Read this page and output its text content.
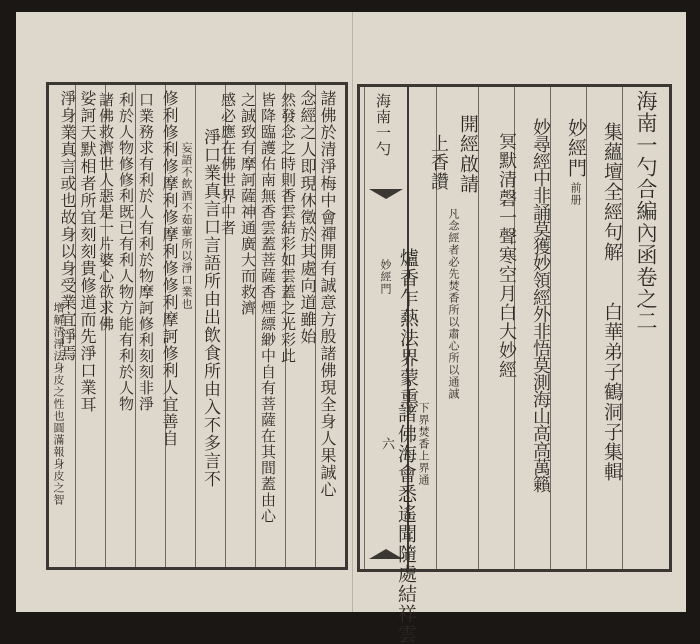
海南一勺
妙經門
六
海南一勺合編內函卷之二
集蘊壇全經句解
白華弟子鶴洞子集輯
妙經門
前册
妙尋經中非誦莫獲妙領經外非悟莫測海山高高萬籟
冥默清磬一聲寒空月白大妙經
開經啟請
上香讚
凡念經者必先焚香所以肅心所以通誠
爐香乍爇法界蒙熏
下界焚香上界通
諸佛海會悉遙聞隨處結祥雲
諸佛於清淨梅中會禪開有誠意方殷諸佛現全身人果誠心
念經之人即現休徵於其處向道雖始
然發念之時則香雲結彩如雲蓋之光彩此
皆降臨護佑南無香雲蓋菩薩香煙縹緲中自有菩薩在其間蓋由心
之誠致有摩訶薩神通廣大而救濟
感必應在佛世界中者
淨口業真言口言語所由出飲食所由入不多言不
妄語不飲酒不茹葷所以淨口業也
修利修利修摩利修摩利修修利摩訶修利人宜善自
口業務求有利於人有利於物摩訶修利刻刻非淨
利於人物修修利既已有利人物方能有利於人物
諸佛救濟世人惡是一片婆心欲求佛
娑訶天默相者所宜刻刻貴修道而先淨口業耳
淨身業真言或也故身以身受業宜淨焉
增解清淨法身皮之性也圓滿報身皮之智
